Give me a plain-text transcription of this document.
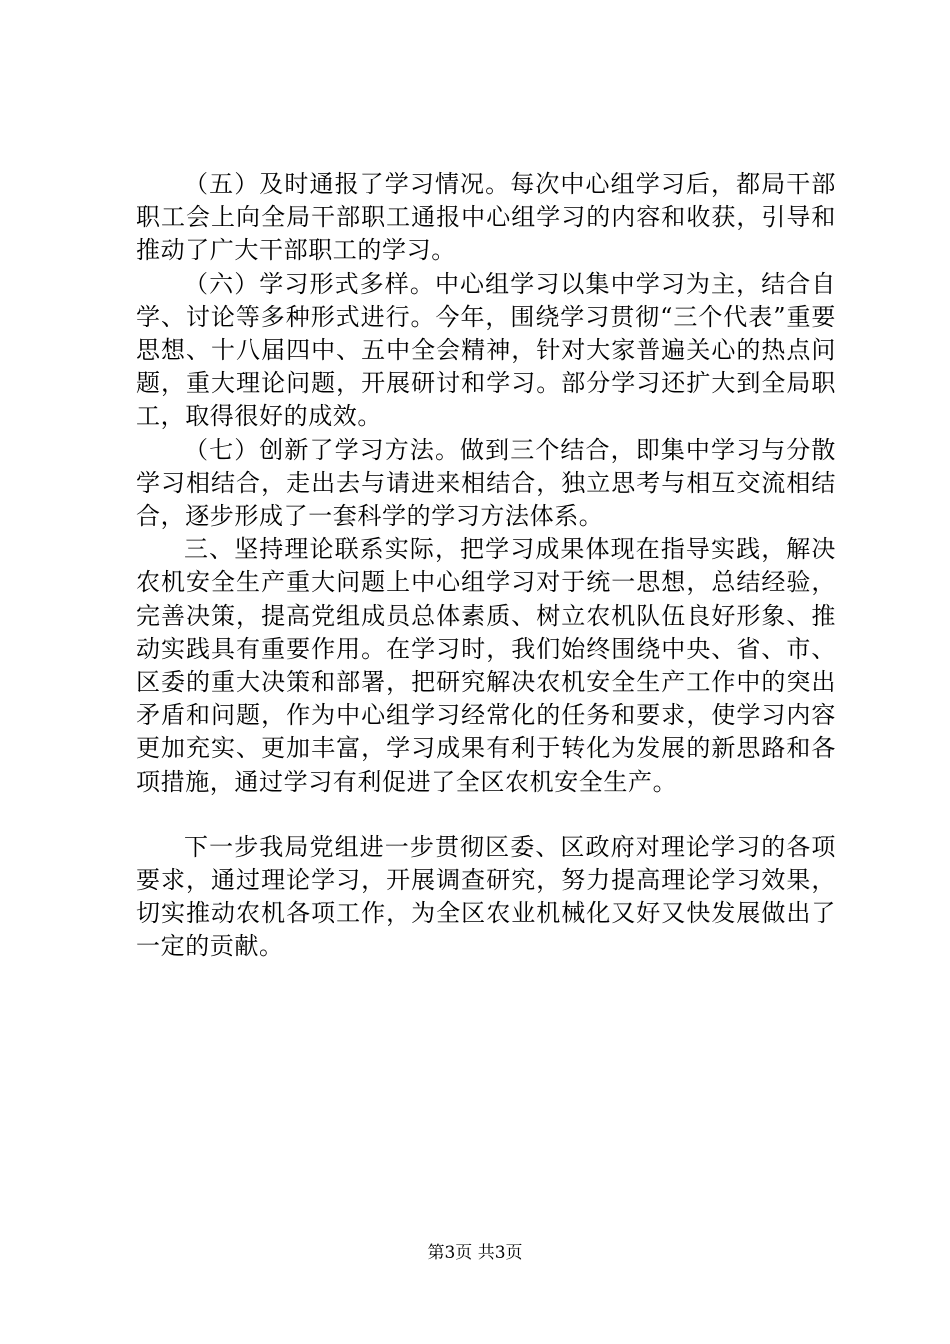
（五）及时通报了学习情况。每次中心组学习后，都局干部职工会上向全局干部职工通报中心组学习的内容和收获，引导和推动了广大干部职工的学习。

（六）学习形式多样。中心组学习以集中学习为主，结合自学、讨论等多种形式进行。今年，围绕学习贯彻“三个代表”重要思想、十八届四中、五中全会精神，针对大家普遍关心的热点问题，重大理论问题，开展研讨和学习。部分学习还扩大到全局职工，取得很好的成效。

（七）创新了学习方法。做到三个结合，即集中学习与分散学习相结合，走出去与请进来相结合，独立思考与相互交流相结合，逐步形成了一套科学的学习方法体系。

三、坚持理论联系实际，把学习成果体现在指导实践，解决农机安全生产重大问题上中心组学习对于统一思想，总结经验，完善决策，提高党组成员总体素质、树立农机队伍良好形象、推动实践具有重要作用。在学习时，我们始终围绕中央、省、市、区委的重大决策和部署，把研究解决农机安全生产工作中的突出矛盾和问题，作为中心组学习经常化的任务和要求，使学习内容更加充实、更加丰富，学习成果有利于转化为发展的新思路和各项措施，通过学习有利促进了全区农机安全生产。

下一步我局党组进一步贯彻区委、区政府对理论学习的各项要求，通过理论学习，开展调查研究，努力提高理论学习效果，切实推动农机各项工作，为全区农业机械化又好又快发展做出了一定的贡献。

第3页 共3页
